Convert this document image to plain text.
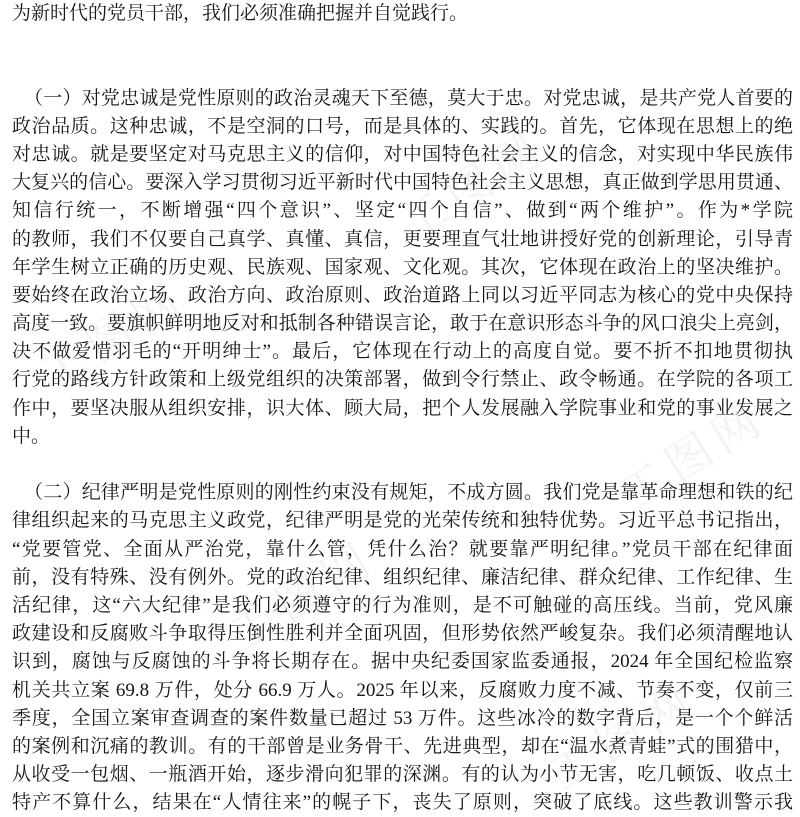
为新时代的党员干部，我们必须准确把握并自觉践行。
（一）对党忠诚是党性原则的政治灵魂天下至德，莫大于忠。对党忠诚，是共产党人首要的
政治品质。这种忠诚，不是空洞的口号，而是具体的、实践的。首先，它体现在思想上的绝
对忠诚。就是要坚定对马克思主义的信仰，对中国特色社会主义的信念，对实现中华民族伟
大复兴的信心。要深入学习贯彻习近平新时代中国特色社会主义思想，真正做到学思用贯通、
知信行统一，不断增强“四个意识”、坚定“四个自信”、做到“两个维护”。作为*学院
的教师，我们不仅要自己真学、真懂、真信，更要理直气壮地讲授好党的创新理论，引导青
年学生树立正确的历史观、民族观、国家观、文化观。其次，它体现在政治上的坚决维护。
要始终在政治立场、政治方向、政治原则、政治道路上同以习近平同志为核心的党中央保持
高度一致。要旗帜鲜明地反对和抵制各种错误言论，敢于在意识形态斗争的风口浪尖上亮剑，
决不做爱惜羽毛的“开明绅士”。最后，它体现在行动上的高度自觉。要不折不扣地贯彻执
行党的路线方针政策和上级党组织的决策部署，做到令行禁止、政令畅通。在学院的各项工
作中，要坚决服从组织安排，识大体、顾大局，把个人发展融入学院事业和党的事业发展之
中。
（二）纪律严明是党性原则的刚性约束没有规矩，不成方圆。我们党是靠革命理想和铁的纪
律组织起来的马克思主义政党，纪律严明是党的光荣传统和独特优势。习近平总书记指出，
“党要管党、全面从严治党，靠什么管，凭什么治？就要靠严明纪律。”党员干部在纪律面
前，没有特殊、没有例外。党的政治纪律、组织纪律、廉洁纪律、群众纪律、工作纪律、生
活纪律，这“六大纪律”是我们必须遵守的行为准则，是不可触碰的高压线。当前，党风廉
政建设和反腐败斗争取得压倒性胜利并全面巩固，但形势依然严峻复杂。我们必须清醒地认
识到，腐蚀与反腐蚀的斗争将长期存在。据中央纪委国家监委通报，2024 年全国纪检监察
机关共立案 69.8 万件，处分 66.9 万人。2025 年以来，反腐败力度不减、节奏不变，仅前三
季度，全国立案审查调查的案件数量已超过 53 万件。这些冰冷的数字背后，是一个个鲜活
的案例和沉痛的教训。有的干部曾是业务骨干、先进典型，却在“温水煮青蛙”式的围猎中，
从收受一包烟、一瓶酒开始，逐步滑向犯罪的深渊。有的认为小节无害，吃几顿饭、收点土
特产不算什么，结果在“人情往来”的幌子下，丧失了原则，突破了底线。这些教训警示我
